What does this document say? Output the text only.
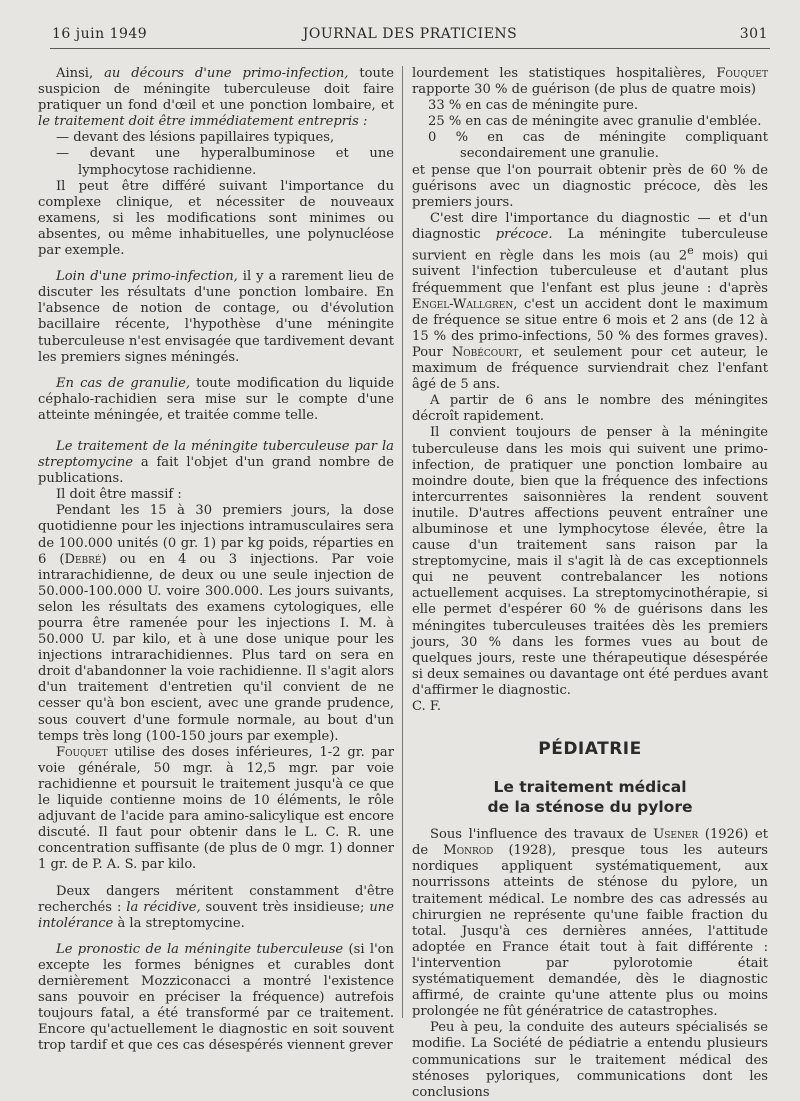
16 juin 1949	JOURNAL DES PRATICIENS	301

Ainsi, au décours d'une primo-infection, toute suspicion de méningite tuberculeuse doit faire pratiquer un fond d'œil et une ponction lombaire, et le traitement doit être immédiatement entrepris :

— devant des lésions papillaires typiques,

— devant une hyperalbuminose et une lymphocytose rachidienne.

Il peut être différé suivant l'importance du complexe clinique, et nécessiter de nouveaux examens, si les modifications sont minimes ou absentes, ou même inhabituelles, une polynucléose par exemple.

Loin d'une primo-infection, il y a rarement lieu de discuter les résultats d'une ponction lombaire. En l'absence de notion de contage, ou d'évolution bacillaire récente, l'hypothèse d'une méningite tuberculeuse n'est envisagée que tardivement devant les premiers signes méningés.

En cas de granulie, toute modification du liquide céphalo-rachidien sera mise sur le compte d'une atteinte méningée, et traitée comme telle.

Le traitement de la méningite tuberculeuse par la streptomycine a fait l'objet d'un grand nombre de publications.

Il doit être massif :

Pendant les 15 à 30 premiers jours, la dose quotidienne pour les injections intramusculaires sera de 100.000 unités (0 gr. 1) par kg poids, réparties en 6 (Debré) ou en 4 ou 3 injections. Par voie intrarachidienne, de deux ou une seule injection de 50.000-100.000 U. voire 300.000. Les jours suivants, selon les résultats des examens cytologiques, elle pourra être ramenée pour les injections I. M. à 50.000 U. par kilo, et à une dose unique pour les injections intrarachidiennes. Plus tard on sera en droit d'abandonner la voie rachidienne. Il s'agit alors d'un traitement d'entretien qu'il convient de ne cesser qu'à bon escient, avec une grande prudence, sous couvert d'une formule normale, au bout d'un temps très long (100-150 jours par exemple).

Fouquet utilise des doses inférieures, 1-2 gr. par voie générale, 50 mgr. à 12,5 mgr. par voie rachidienne et poursuit le traitement jusqu'à ce que le liquide contienne moins de 10 éléments, le rôle adjuvant de l'acide para amino-salicylique est encore discuté. Il faut pour obtenir dans le L. C. R. une concentration suffisante (de plus de 0 mgr. 1) donner 1 gr. de P. A. S. par kilo.

Deux dangers méritent constamment d'être recherchés : la récidive, souvent très insidieuse; une intolérance à la streptomycine.

Le pronostic de la méningite tuberculeuse (si l'on excepte les formes bénignes et curables dont dernièrement Mozziconacci a montré l'existence sans pouvoir en préciser la fréquence) autrefois toujours fatal, a été transformé par ce traitement. Encore qu'actuellement le diagnostic en soit souvent trop tardif et que ces cas désespérés viennent grever

lourdement les statistiques hospitalières, Fouquet rapporte 30 % de guérison (de plus de quatre mois)

33 % en cas de méningite pure.

25 % en cas de méningite avec granulie d'emblée.

0 % en cas de méningite compliquant secondairement une granulie.

et pense que l'on pourrait obtenir près de 60 % de guérisons avec un diagnostic précoce, dès les premiers jours.

C'est dire l'importance du diagnostic — et d'un diagnostic précoce. La méningite tuberculeuse survient en règle dans les mois (au 2e mois) qui suivent l'infection tuberculeuse et d'autant plus fréquemment que l'enfant est plus jeune : d'après Engel-Wallgren, c'est un accident dont le maximum de fréquence se situe entre 6 mois et 2 ans (de 12 à 15 % des primo-infections, 50 % des formes graves). Pour Nobécourt, et seulement pour cet auteur, le maximum de fréquence surviendrait chez l'enfant âgé de 5 ans.

A partir de 6 ans le nombre des méningites décroît rapidement.

Il convient toujours de penser à la méningite tuberculeuse dans les mois qui suivent une primo-infection, de pratiquer une ponction lombaire au moindre doute, bien que la fréquence des infections intercurrentes saisonnières la rendent souvent inutile. D'autres affections peuvent entraîner une albuminose et une lymphocytose élevée, être la cause d'un traitement sans raison par la streptomycine, mais il s'agit là de cas exceptionnels qui ne peuvent contrebalancer les notions actuellement acquises. La streptomycinothérapie, si elle permet d'espérer 60 % de guérisons dans les méningites tuberculeuses traitées dès les premiers jours, 30 % dans les formes vues au bout de quelques jours, reste une thérapeutique désespérée si deux semaines ou davantage ont été perdues avant d'affirmer le diagnostic.

C. F.

PÉDIATRIE
Le traitement médical
de la sténose du pylore

Sous l'influence des travaux de Usener (1926) et de Monrod (1928), presque tous les auteurs nordiques appliquent systématiquement, aux nourrissons atteints de sténose du pylore, un traitement médical. Le nombre des cas adressés au chirurgien ne représente qu'une faible fraction du total. Jusqu'à ces dernières années, l'attitude adoptée en France était tout à fait différente : l'intervention par pylorotomie était systématiquement demandée, dès le diagnostic affirmé, de crainte qu'une attente plus ou moins prolongée ne fût génératrice de catastrophes.

Peu à peu, la conduite des auteurs spécialisés se modifie. La Société de pédiatrie a entendu plusieurs communications sur le traitement médical des sténoses pyloriques, communications dont les conclusions
